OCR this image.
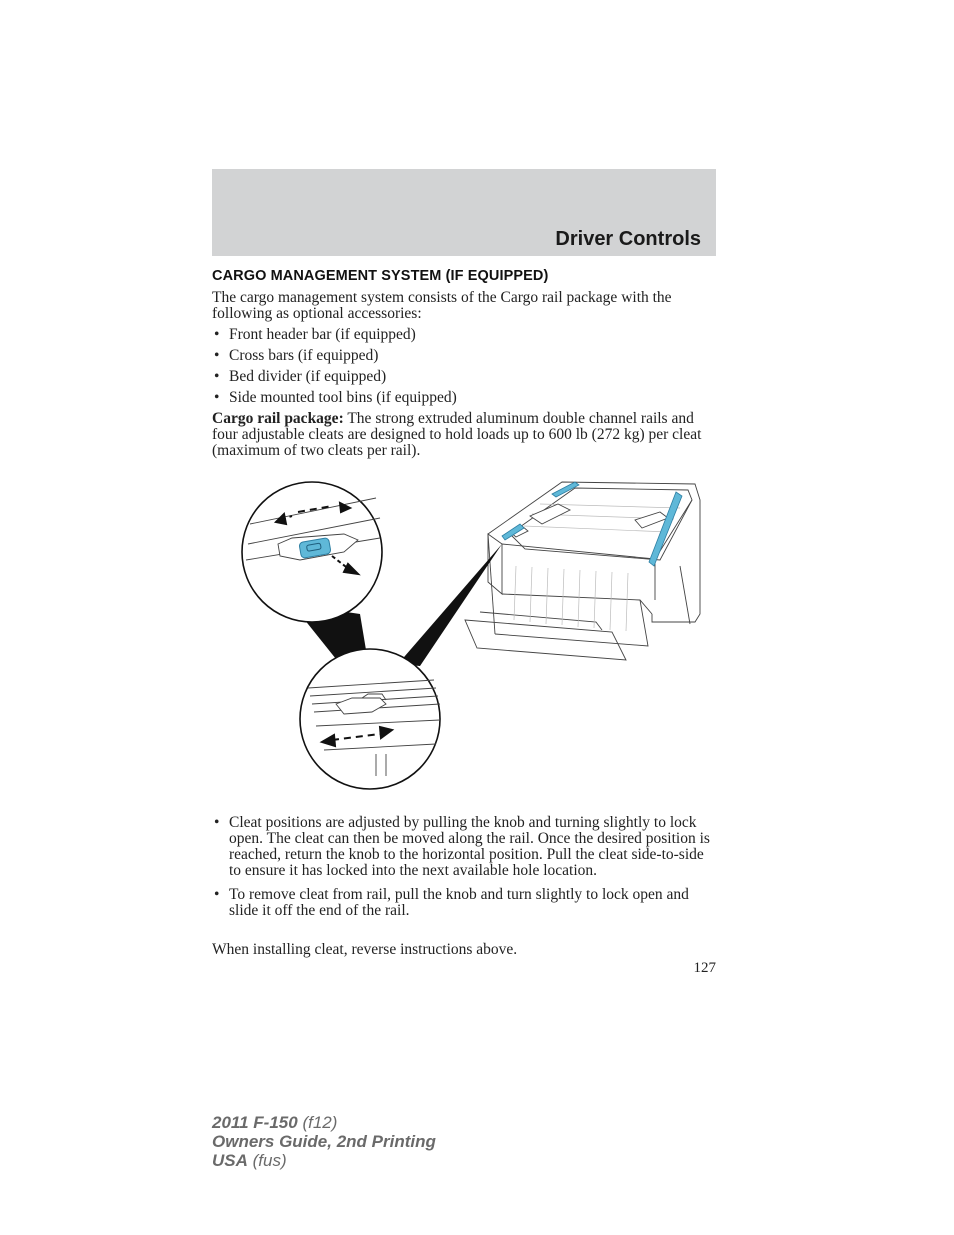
Driver Controls
CARGO MANAGEMENT SYSTEM (IF EQUIPPED)
The cargo management system consists of the Cargo rail package with the following as optional accessories:
• Front header bar (if equipped)
• Cross bars (if equipped)
• Bed divider (if equipped)
• Side mounted tool bins (if equipped)
Cargo rail package: The strong extruded aluminum double channel rails and four adjustable cleats are designed to hold loads up to 600 lb (272 kg) per cleat (maximum of two cleats per rail).
• Cleat positions are adjusted by pulling the knob and turning slightly to lock open. The cleat can then be moved along the rail. Once the desired position is reached, return the knob to the horizontal position. Pull the cleat side-to-side to ensure it has locked into the next available hole location.
• To remove cleat from rail, pull the knob and turn slightly to lock open and slide it off the end of the rail.
When installing cleat, reverse instructions above.
127
2011 F-150 (f12)
Owners Guide, 2nd Printing
USA (fus)
